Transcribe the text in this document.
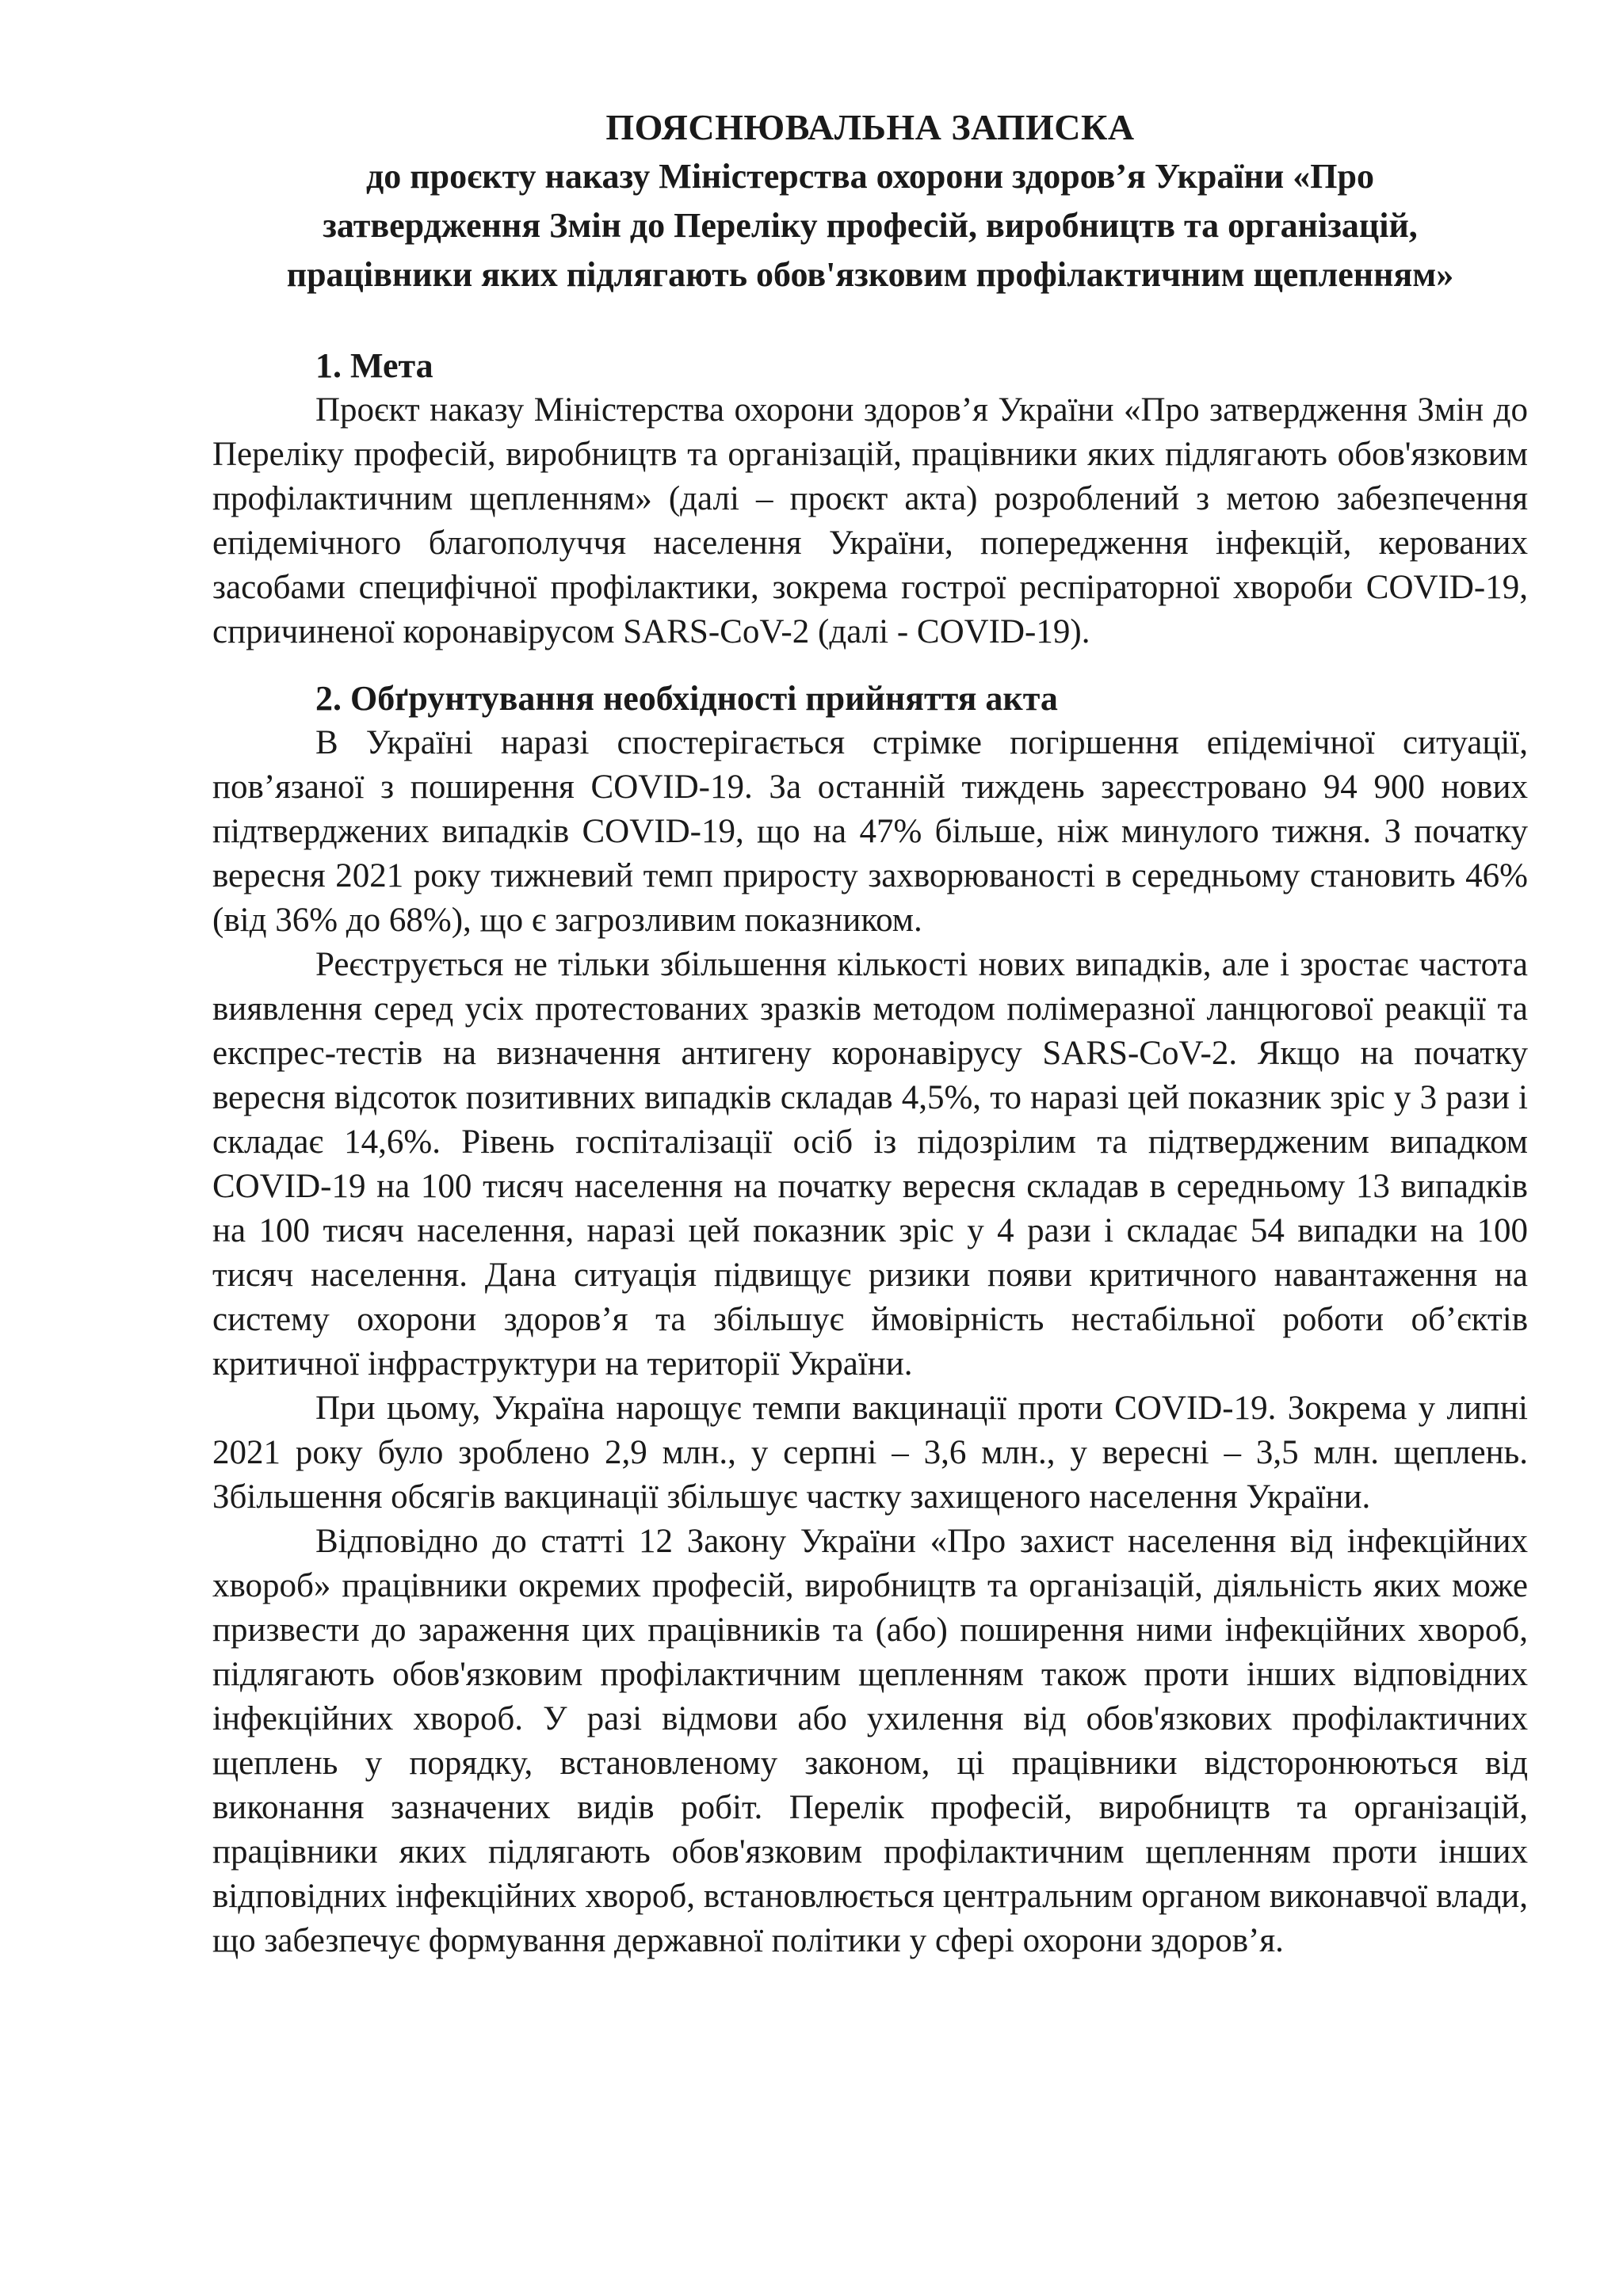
ПОЯСНЮВАЛЬНА ЗАПИСКА
до проєкту наказу Міністерства охорони здоров’я України «Про
затвердження Змін до Переліку професій, виробництв та організацій,
працівники яких підлягають обов'язковим профілактичним щепленням»

1. Мета

Проєкт наказу Міністерства охорони здоров’я України «Про затвердження Змін до Переліку професій, виробництв та організацій, працівники яких підлягають обов'язковим профілактичним щепленням» (далі – проєкт акта) розроблений з метою забезпечення епідемічного благополуччя населення України, попередження інфекцій, керованих засобами специфічної профілактики, зокрема гострої респіраторної хвороби COVID-19, спричиненої коронавірусом SARS-CoV-2 (далі - COVID-19).

2. Обґрунтування необхідності прийняття акта

В Україні наразі спостерігається стрімке погіршення епідемічної ситуації, пов’язаної з поширення COVID-19. За останній тиждень зареєстровано 94 900 нових підтверджених випадків COVID-19, що на 47% більше, ніж минулого тижня. З початку вересня 2021 року тижневий темп приросту захворюваності в середньому становить 46% (від 36% до 68%), що є загрозливим показником.

Реєструється не тільки збільшення кількості нових випадків, але і зростає частота виявлення серед усіх протестованих зразків методом полімеразної ланцюгової реакції та експрес-тестів на визначення антигену коронавірусу SARS-CoV-2. Якщо на початку вересня відсоток позитивних випадків складав 4,5%, то наразі цей показник зріс у 3 рази і складає 14,6%. Рівень госпіталізації осіб із підозрілим та підтвердженим випадком COVID-19 на 100 тисяч населення на початку вересня складав в середньому 13 випадків на 100 тисяч населення, наразі цей показник зріс у 4 рази і складає 54 випадки на 100 тисяч населення. Дана ситуація підвищує ризики появи критичного навантаження на систему охорони здоров’я та збільшує ймовірність нестабільної роботи об’єктів критичної інфраструктури на території України.

При цьому, Україна нарощує темпи вакцинації проти COVID-19. Зокрема у липні 2021 року було зроблено 2,9 млн., у серпні – 3,6 млн., у вересні – 3,5 млн. щеплень. Збільшення обсягів вакцинації збільшує частку захищеного населення України.

Відповідно до статті 12 Закону України «Про захист населення від інфекційних хвороб» працівники окремих професій, виробництв та організацій, діяльність яких може призвести до зараження цих працівників та (або) поширення ними інфекційних хвороб, підлягають обов'язковим профілактичним щепленням також проти інших відповідних інфекційних хвороб. У разі відмови або ухилення від обов'язкових профілактичних щеплень у порядку, встановленому законом, ці працівники відсторонюються від виконання зазначених видів робіт. Перелік професій, виробництв та організацій, працівники яких підлягають обов'язковим профілактичним щепленням проти інших відповідних інфекційних хвороб, встановлюється центральним органом виконавчої влади, що забезпечує формування державної політики у сфері охорони здоров’я.
